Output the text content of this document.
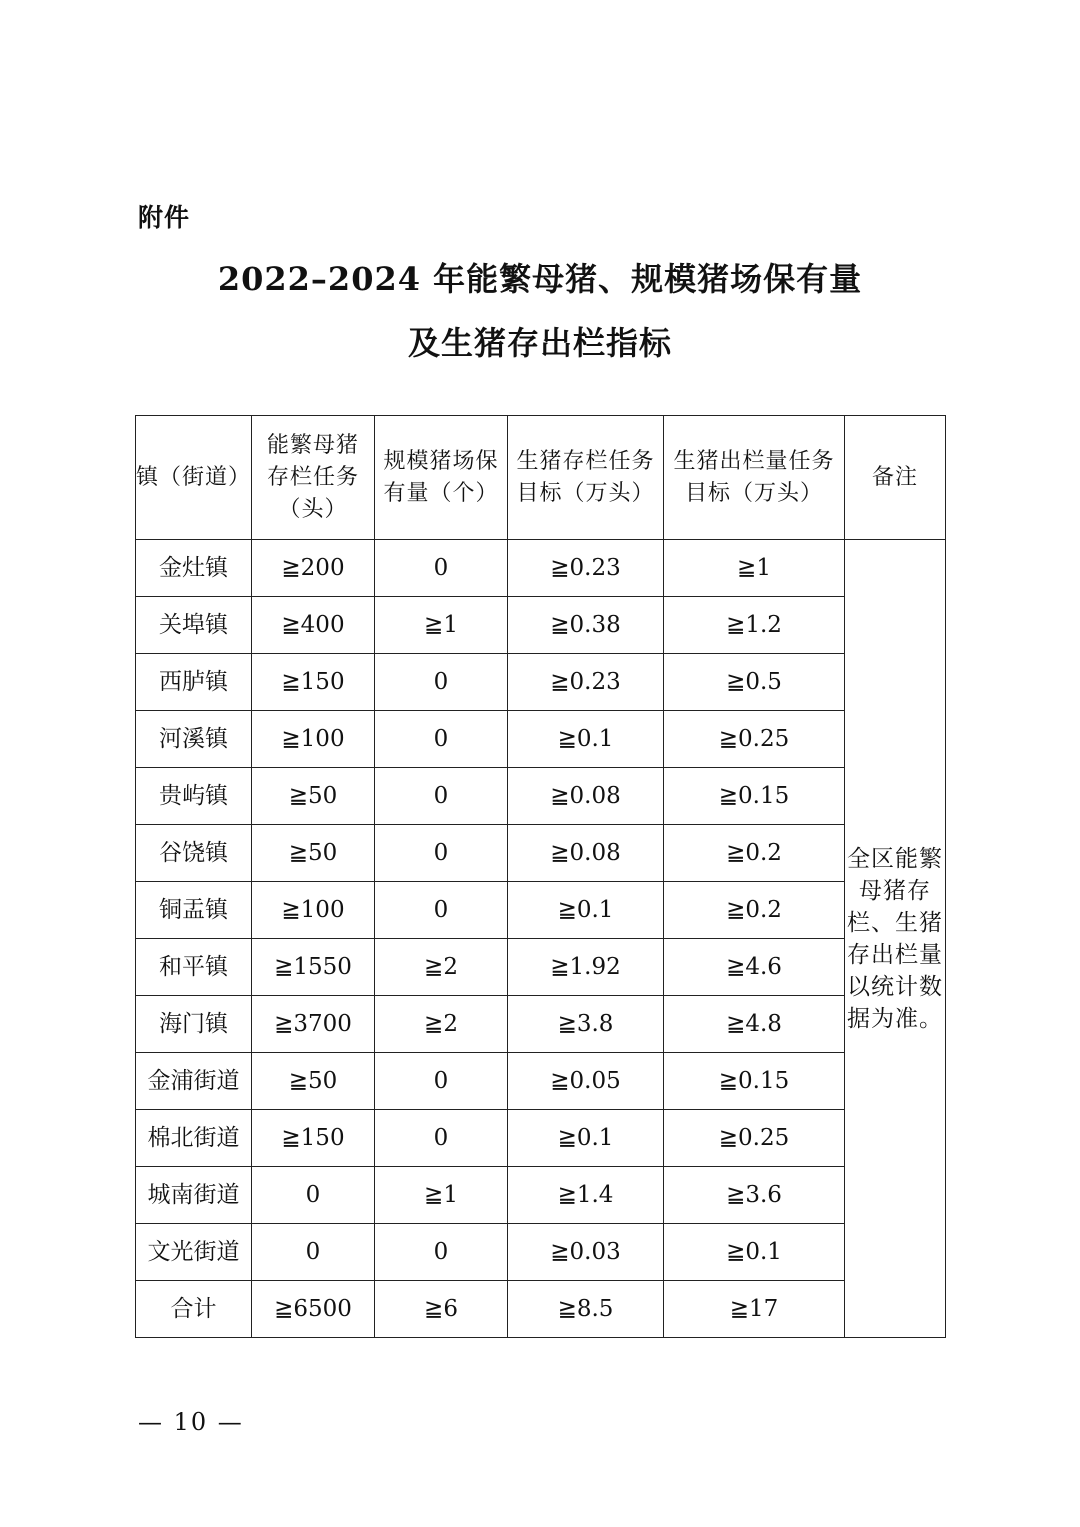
附件
2022–2024 年能繁母猪、规模猪场保有量
及生猪存出栏指标
镇（街道）	能繁母猪存栏任务（头）	规模猪场保有量（个）	生猪存栏任务目标（万头）	生猪出栏量任务目标（万头）	备注
金灶镇	≧200	0	≧0.23	≧1	全区能繁母猪存栏、生猪存出栏量以统计数据为准。
关埠镇	≧400	≧1	≧0.38	≧1.2	
西胪镇	≧150	0	≧0.23	≧0.5	
河溪镇	≧100	0	≧0.1	≧0.25	
贵屿镇	≧50	0	≧0.08	≧0.15	
谷饶镇	≧50	0	≧0.08	≧0.2	
铜盂镇	≧100	0	≧0.1	≧0.2	
和平镇	≧1550	≧2	≧1.92	≧4.6	
海门镇	≧3700	≧2	≧3.8	≧4.8	
金浦街道	≧50	0	≧0.05	≧0.15	
棉北街道	≧150	0	≧0.1	≧0.25	
城南街道	0	≧1	≧1.4	≧3.6	
文光街道	0	0	≧0.03	≧0.1	
合计	≧6500	≧6	≧8.5	≧17	
— 10 —
